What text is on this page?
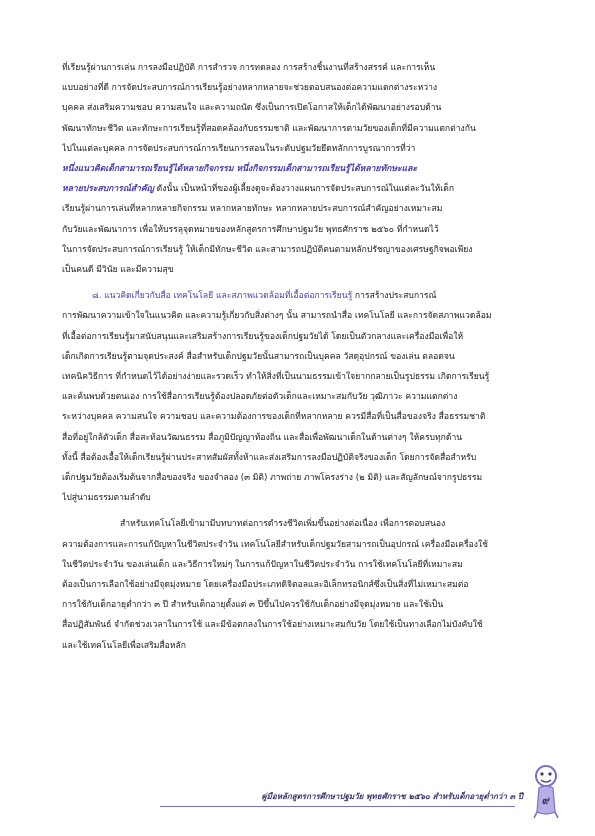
ที่เรียนรู้ผ่านการเล่น การลงมือปฏิบัติ การสำรวจ การทดลอง การสร้างชิ้นงานที่สร้างสรรค์ และการเห็น
แบบอย่างที่ดี การจัดประสบการณ์การเรียนรู้อย่างหลากหลายจะช่วยตอบสนองต่อความแตกต่างระหว่าง
บุคคล ส่งเสริมความชอบ ความสนใจ และความถนัด ซึ่งเป็นการเปิดโอกาสให้เด็กได้พัฒนาอย่างรอบด้าน
พัฒนาทักษะชีวิต และทักษะการเรียนรู้ที่สอดคล้องกับธรรมชาติ และพัฒนาการตามวัยของเด็กที่มีความแตกต่างกัน
ไปในแต่ละบุคคล การจัดประสบการณ์การเรียนการสอนในระดับปฐมวัยยึดหลักการบูรณาการที่ว่า
หนึ่งแนวคิดเด็กสามารถเรียนรู้ได้หลายกิจกรรม หนึ่งกิจกรรมเด็กสามารถเรียนรู้ได้หลายทักษะและ
หลายประสบการณ์สำคัญ ดังนั้น เป็นหน้าที่ของผู้เลี้ยงดูจะต้องวางแผนการจัดประสบการณ์ในแต่ละวันให้เด็ก
เรียนรู้ผ่านการเล่นที่หลากหลายกิจกรรม หลากหลายทักษะ หลากหลายประสบการณ์สำคัญอย่างเหมาะสม
กับวัยและพัฒนาการ เพื่อให้บรรลุจุดหมายของหลักสูตรการศึกษาปฐมวัย พุทธศักราช ๒๕๖๐ ที่กำหนดไว้
ในการจัดประสบการณ์การเรียนรู้ ให้เด็กมีทักษะชีวิต และสามารถปฏิบัติตนตามหลักปรัชญาของเศรษฐกิจพอเพียง
เป็นคนดี มีวินัย และมีความสุข
๘. แนวคิดเกี่ยวกับสื่อ เทคโนโลยี และสภาพแวดล้อมที่เอื้อต่อการเรียนรู้ การสร้างประสบการณ์
การพัฒนาความเข้าใจในแนวคิด และความรู้เกี่ยวกับสิ่งต่างๆ นั้น สามารถนำสื่อ เทคโนโลยี และการจัดสภาพแวดล้อม
ที่เอื้อต่อการเรียนรู้มาสนับสนุนและเสริมสร้างการเรียนรู้ของเด็กปฐมวัยได้ โดยเป็นตัวกลางและเครื่องมือเพื่อให้
เด็กเกิดการเรียนรู้ตามจุดประสงค์ สื่อสำหรับเด็กปฐมวัยนั้นสามารถเป็นบุคคล วัสดุอุปกรณ์ ของเล่น ตลอดจน
เทคนิควิธีการ ที่กำหนดไว้ได้อย่างง่ายและรวดเร็ว ทำให้สิ่งที่เป็นนามธรรมเข้าใจยากกลายเป็นรูปธรรม เกิดการเรียนรู้
และค้นพบด้วยตนเอง การใช้สื่อการเรียนรู้ต้องปลอดภัยต่อตัวเด็กและเหมาะสมกับวัย วุฒิภาวะ ความแตกต่าง
ระหว่างบุคคล ความสนใจ ความชอบ และความต้องการของเด็กที่หลากหลาย ควรมีสื่อที่เป็นสื่อของจริง สื่อธรรมชาติ
สื่อที่อยู่ใกล้ตัวเด็ก สื่อสะท้อนวัฒนธรรม สื่อภูมิปัญญาท้องถิ่น และสื่อเพื่อพัฒนาเด็กในด้านต่างๆ ให้ครบทุกด้าน
ทั้งนี้ สื่อต้องเอื้อให้เด็กเรียนรู้ผ่านประสาทสัมผัสทั้งห้าและส่งเสริมการลงมือปฏิบัติจริงของเด็ก โดยการจัดสื่อสำหรับ
เด็กปฐมวัยต้องเริ่มต้นจากสื่อของจริง ของจำลอง (๓ มิติ) ภาพถ่าย ภาพโครงร่าง (๒ มิติ) และสัญลักษณ์จากรูปธรรม
ไปสู่นามธรรมตามลำดับ
สำหรับเทคโนโลยีเข้ามามีบทบาทต่อการดำรงชีวิตเพิ่มขึ้นอย่างต่อเนื่อง เพื่อการตอบสนอง
ความต้องการและการแก้ปัญหาในชีวิตประจำวัน เทคโนโลยีสำหรับเด็กปฐมวัยสามารถเป็นอุปกรณ์ เครื่องมือเครื่องใช้
ในชีวิตประจำวัน ของเล่นเด็ก และวิธีการใหม่ๆ ในการแก้ปัญหาในชีวิตประจำวัน การใช้เทคโนโลยีที่เหมาะสม
ต้องเป็นการเลือกใช้อย่างมีจุดมุ่งหมาย โดยเครื่องมือประเภทดิจิตอลและอิเล็กทรอนิกส์ซึ่งเป็นสิ่งที่ไม่เหมาะสมต่อ
การใช้กับเด็กอายุต่ำกว่า ๓ ปี สำหรับเด็กอายุตั้งแต่ ๓ ปีขึ้นไปควรใช้กับเด็กอย่างมีจุดมุ่งหมาย และใช้เป็น
สื่อปฏิสัมพันธ์ จำกัดช่วงเวลาในการใช้ และมีข้อตกลงในการใช้อย่างเหมาะสมกับวัย โดยใช้เป็นทางเลือกไม่บังคับใช้
และใช้เทคโนโลยีเพื่อเสริมสื่อหลัก
คู่มือหลักสูตรการศึกษาปฐมวัย พุทธศักราช ๒๕๖๐ สำหรับเด็กอายุต่ำกว่า ๓ ปี ๙
